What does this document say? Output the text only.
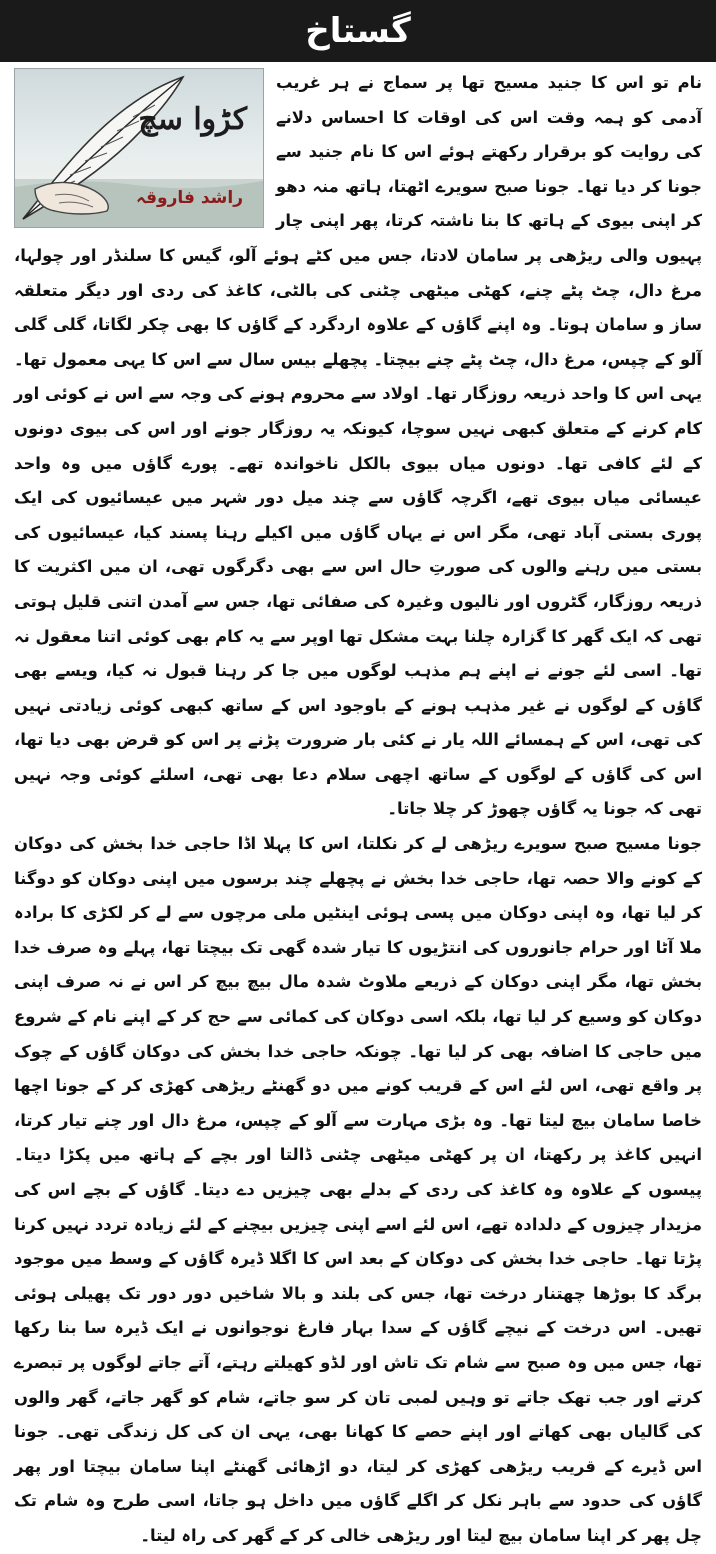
گستاخ
کڑوا سچ
راشد فاروقہ

نام تو اس کا جنید مسیح تھا پر سماج نے ہر غریب آدمی کو ہمہ وقت اس کی اوقات کا احساس دلانے کی روایت کو برقرار رکھتے ہوئے اس کا نام جنید سے جونا کر دیا تھا۔ جونا صبح سویرے اٹھتا، ہاتھ منہ دھو کر اپنی بیوی کے ہاتھ کا بنا ناشتہ کرتا، پھر اپنی چار پہیوں والی ریڑھی پر سامان لادتا، جس میں کٹے ہوئے آلو، گیس کا سلنڈر اور چولہا، مرغ دال، چٹ پٹے چنے، کھٹی میٹھی چٹنی کی بالٹی، کاغذ کی ردی اور دیگر متعلقہ ساز و سامان ہوتا۔ وہ اپنے گاؤں کے علاوہ اردگرد کے گاؤں کا بھی چکر لگاتا، گلی گلی آلو کے چپس، مرغ دال، چٹ پٹے چنے بیچتا۔ پچھلے بیس سال سے اس کا یہی معمول تھا۔ یہی اس کا واحد ذریعہ روزگار تھا۔ اولاد سے محروم ہونے کی وجہ سے اس نے کوئی اور کام کرنے کے متعلق کبھی نہیں سوچا، کیونکہ یہ روزگار جونے اور اس کی بیوی دونوں کے لئے کافی تھا۔ دونوں میاں بیوی بالکل ناخواندہ تھے۔ پورے گاؤں میں وہ واحد عیسائی میاں بیوی تھے، اگرچہ گاؤں سے چند میل دور شہر میں عیسائیوں کی ایک پوری بستی آباد تھی، مگر اس نے یہاں گاؤں میں اکیلے رہنا پسند کیا، عیسائیوں کی بستی میں رہنے والوں کی صورتِ حال اس سے بھی دگرگوں تھی، ان میں اکثریت کا ذریعہ روزگار، گٹروں اور نالیوں وغیرہ کی صفائی تھا، جس سے آمدن اتنی قلیل ہوتی تھی کہ ایک گھر کا گزارہ چلنا بہت مشکل تھا اوپر سے یہ کام بھی کوئی اتنا معقول نہ تھا۔ اسی لئے جونے نے اپنے ہم مذہب لوگوں میں جا کر رہنا قبول نہ کیا، ویسے بھی گاؤں کے لوگوں نے غیر مذہب ہونے کے باوجود اس کے ساتھ کبھی کوئی زیادتی نہیں کی تھی، اس کے ہمسائے اللہ یار نے کئی بار ضرورت پڑنے پر اس کو قرض بھی دیا تھا، اس کی گاؤں کے لوگوں کے ساتھ اچھی سلام دعا بھی تھی، اسلئے کوئی وجہ نہیں تھی کہ جونا یہ گاؤں چھوڑ کر چلا جاتا۔

جونا مسیح صبح سویرے ریڑھی لے کر نکلتا، اس کا پہلا اڈا حاجی خدا بخش کی دوکان کے کونے والا حصہ تھا، حاجی خدا بخش نے پچھلے چند برسوں میں اپنی دوکان کو دوگنا کر لیا تھا، وہ اپنی دوکان میں پسی ہوئی اینٹیں ملی مرچوں سے لے کر لکڑی کا برادہ ملا آٹا اور حرام جانوروں کی انتڑیوں کا تیار شدہ گھی تک بیچتا تھا، پہلے وہ صرف خدا بخش تھا، مگر اپنی دوکان کے ذریعے ملاوٹ شدہ مال بیچ بیچ کر اس نے نہ صرف اپنی دوکان کو وسیع کر لیا تھا، بلکہ اسی دوکان کی کمائی سے حج کر کے اپنے نام کے شروع میں حاجی کا اضافہ بھی کر لیا تھا۔ چونکہ حاجی خدا بخش کی دوکان گاؤں کے چوک پر واقع تھی، اس لئے اس کے قریب کونے میں دو گھنٹے ریڑھی کھڑی کر کے جونا اچھا خاصا سامان بیچ لیتا تھا۔ وہ بڑی مہارت سے آلو کے چپس، مرغ دال اور چنے تیار کرتا، انہیں کاغذ پر رکھتا، ان پر کھٹی میٹھی چٹنی ڈالتا اور بچے کے ہاتھ میں پکڑا دیتا۔ پیسوں کے علاوہ وہ کاغذ کی ردی کے بدلے بھی چیزیں دے دیتا۔ گاؤں کے بچے اس کی مزیدار چیزوں کے دلدادہ تھے، اس لئے اسے اپنی چیزیں بیچنے کے لئے زیادہ تردد نہیں کرنا پڑتا تھا۔ حاجی خدا بخش کی دوکان کے بعد اس کا اگلا ڈیرہ گاؤں کے وسط میں موجود برگد کا بوڑھا چھتنار درخت تھا، جس کی بلند و بالا شاخیں دور دور تک پھیلی ہوئی تھیں۔ اس درخت کے نیچے گاؤں کے سدا بہار فارغ نوجوانوں نے ایک ڈیرہ سا بنا رکھا تھا، جس میں وہ صبح سے شام تک تاش اور لڈو کھیلتے رہتے، آتے جاتے لوگوں پر تبصرے کرتے اور جب تھک جاتے تو وہیں لمبی تان کر سو جاتے، شام کو گھر جاتے، گھر والوں کی گالیاں بھی کھاتے اور اپنے حصے کا کھانا بھی، یہی ان کی کل زندگی تھی۔ جونا اس ڈیرے کے قریب ریڑھی کھڑی کر لیتا، دو اڑھائی گھنٹے اپنا سامان بیچتا اور پھر گاؤں کی حدود سے باہر نکل کر اگلے گاؤں میں داخل ہو جاتا، اسی طرح وہ شام تک چل پھر کر اپنا سامان بیچ لیتا اور ریڑھی خالی کر کے گھر کی راہ لیتا۔
